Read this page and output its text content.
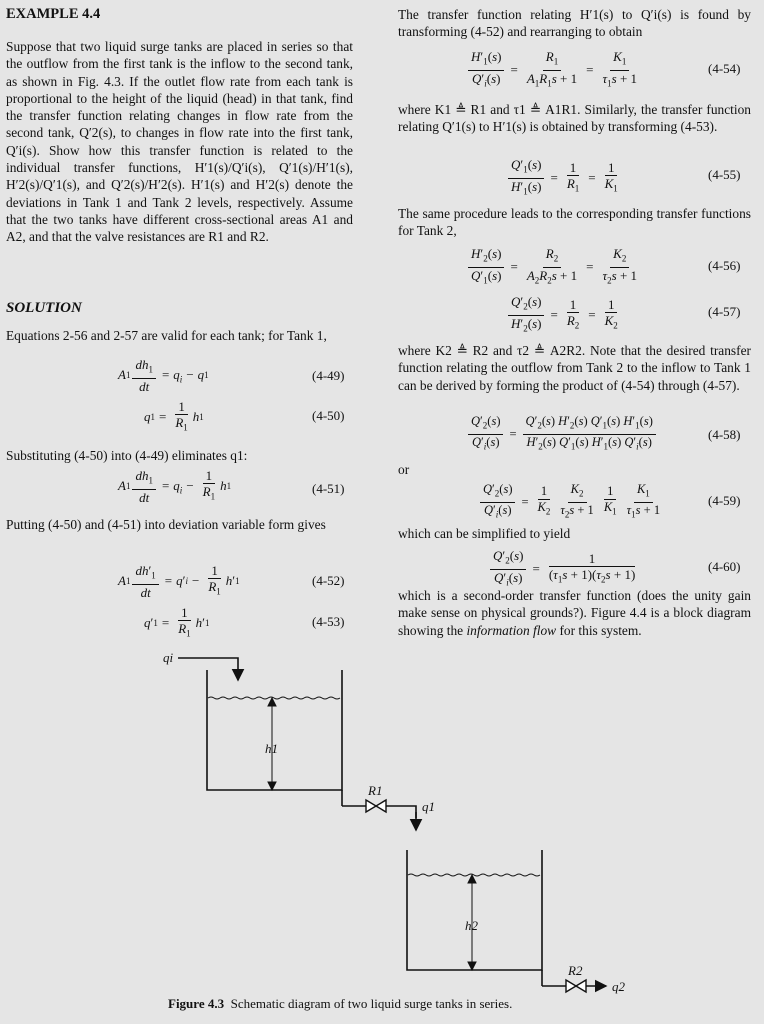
EXAMPLE 4.4
Suppose that two liquid surge tanks are placed in series so that the outflow from the first tank is the inflow to the second tank, as shown in Fig. 4.3. If the outlet flow rate from each tank is proportional to the height of the liquid (head) in that tank, find the transfer function relating changes in flow rate from the second tank, Q′2(s), to changes in flow rate into the first tank, Q′i(s). Show how this transfer function is related to the individual transfer functions, H′1(s)/Q′i(s), Q′1(s)/H′1(s), H′2(s)/Q′1(s), and Q′2(s)/H′2(s). H′1(s) and H′2(s) denote the deviations in Tank 1 and Tank 2 levels, respectively. Assume that the two tanks have different cross-sectional areas A1 and A2, and that the valve resistances are R1 and R2.
SOLUTION
Equations 2-56 and 2-57 are valid for each tank; for Tank 1,
A $1 \frac{dh_1}{dt} = q_i - q$ 1	(4-49)
q $1 = \frac{1}{R_1}$ h 1	(4-50)
Substituting (4-50) into (4-49) eliminates q1:
A $1 \frac{dh_1}{dt} = q_i - \frac{1}{R_1}$ h 1	(4-51)
Putting (4-50) and (4-51) into deviation variable form gives
A $1 \frac{dh'_1}{dt} = q$ ′ $i - \frac{1}{R_1}$ h ′ 1	(4-52)
q ′ $1 = \frac{1}{R_1}$ h ′ 1	(4-53)
The transfer function relating H′1(s) to Q′i(s) is found by transforming (4-52) and rearranging to obtain
$\frac{H'_1(s)}{Q'_i(s)} = \frac{R_1}{A_1R_1s + 1} = \frac{K_1}{\tau_1s + 1}$	(4-54)
where K1 ≜ R1 and τ1 ≜ A1R1. Similarly, the transfer function relating Q′1(s) to H′1(s) is obtained by transforming (4-53).
$\frac{Q'_1(s)}{H'_1(s)} = \frac{1}{R_1} = \frac{1}{K_1}$	(4-55)
The same procedure leads to the corresponding transfer functions for Tank 2,
$\frac{H'_2(s)}{Q'_1(s)} = \frac{R_2}{A_2R_2s + 1} = \frac{K_2}{\tau_2s + 1}$	(4-56)
$\frac{Q'_2(s)}{H'_2(s)} = \frac{1}{R_2} = \frac{1}{K_2}$	(4-57)
where K2 ≜ R2 and τ2 ≜ A2R2. Note that the desired transfer function relating the outflow from Tank 2 to the inflow to Tank 1 can be derived by forming the product of (4-54) through (4-57).
$\frac{Q'_2(s)}{Q'_i(s)} = \frac{Q'_2(s) H'_2(s) Q'_1(s) H'_1(s)}{H'_2(s) Q'_1(s) H'_1(s) Q'_i(s)}$	(4-58)
or
$\frac{Q'_2(s)}{Q'_i(s)} = \frac{1}{K_2} \frac{K_2}{\tau_2s + 1} \frac{1}{K_1} \frac{K_1}{\tau_1s + 1}$	(4-59)
which can be simplified to yield
$\frac{Q'_2(s)}{Q'_i(s)} = \frac{1}{(\tau_1s + 1)(\tau_2s + 1)}$	(4-60)
which is a second-order transfer function (does the unity gain make sense on physical grounds?). Figure 4.4 is a block diagram showing the information flow for this system.
qi
h1
R1
q1
h2
R2
q2
Figure 4.3 Schematic diagram of two liquid surge tanks in series.
